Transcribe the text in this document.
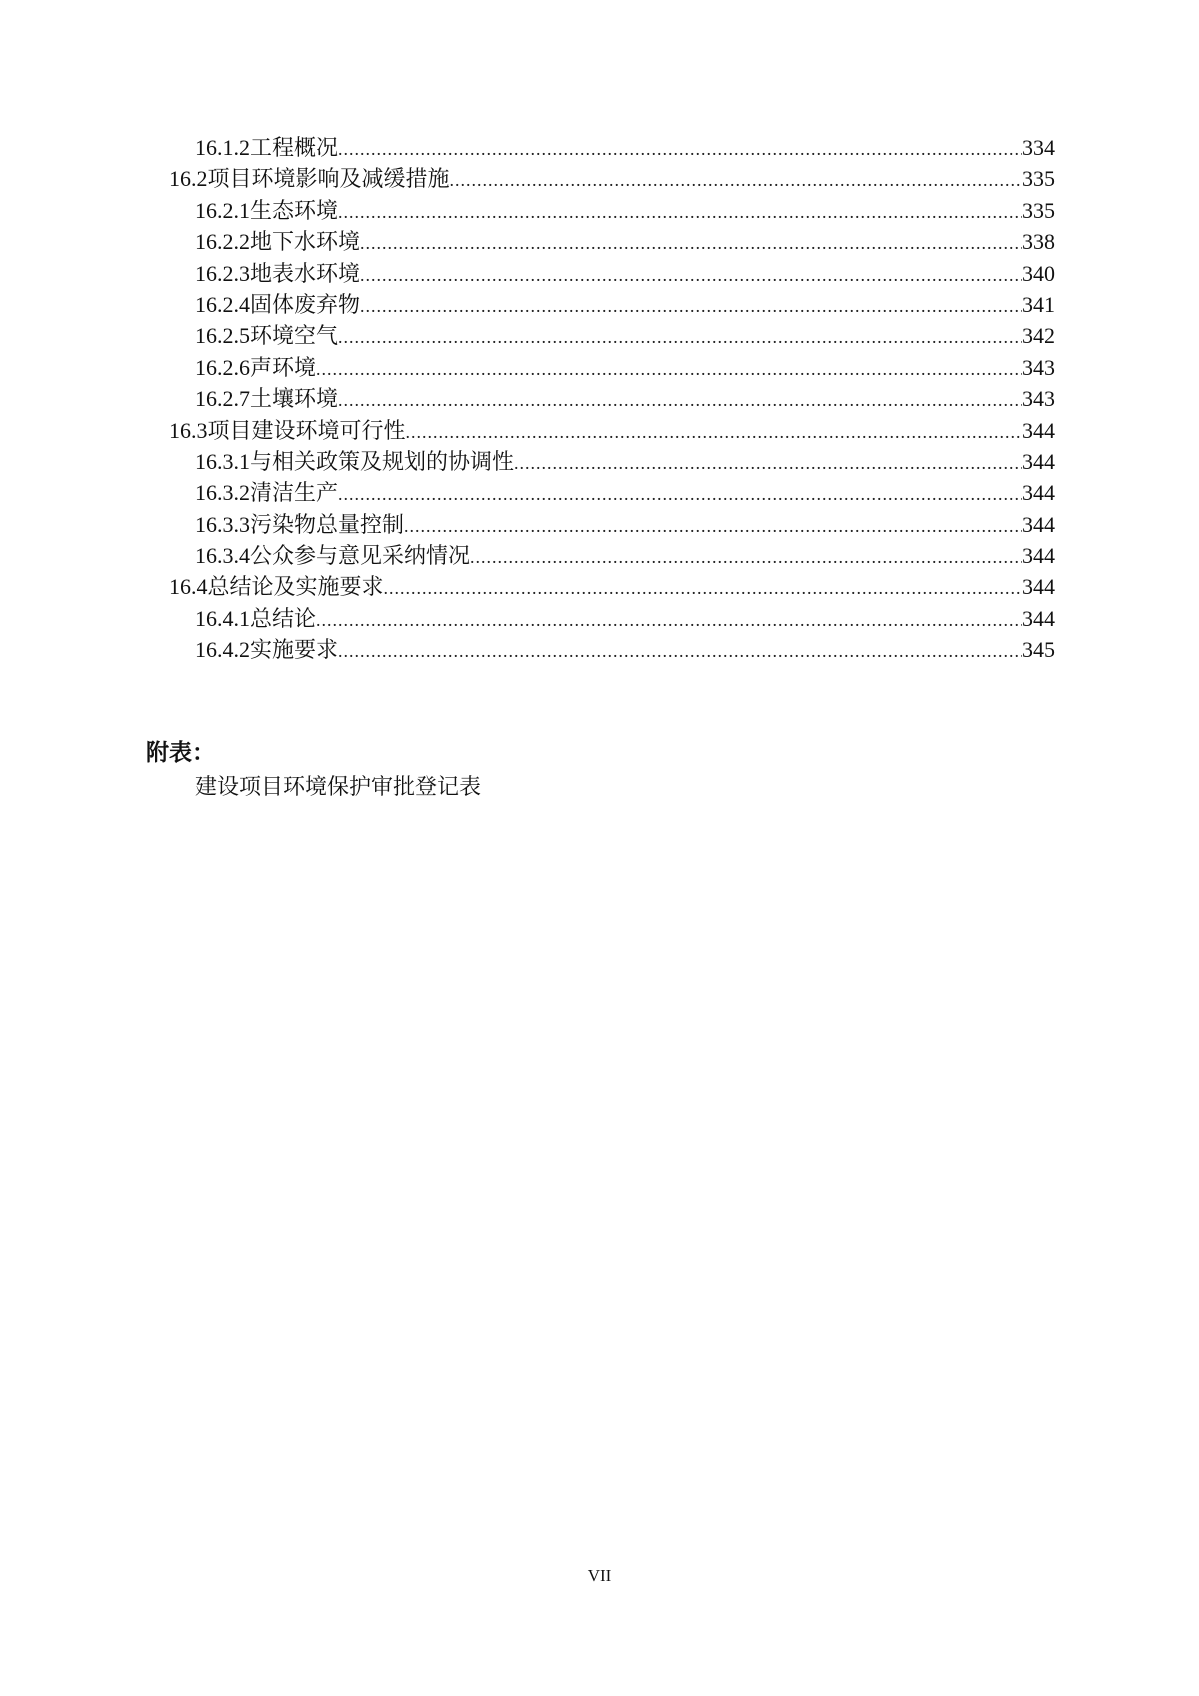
16.1.2 工程概况 .....	334
16.2 项目环境影响及减缓措施 .....	335
16.2.1 生态环境 .....	335
16.2.2 地下水环境 .....	338
16.2.3 地表水环境 .....	340
16.2.4 固体废弃物 .....	341
16.2.5 环境空气 .....	342
16.2.6 声环境 .....	343
16.2.7 土壤环境 .....	343
16.3 项目建设环境可行性 .....	344
16.3.1 与相关政策及规划的协调性 .....	344
16.3.2 清洁生产 .....	344
16.3.3 污染物总量控制 .....	344
16.3.4 公众参与意见采纳情况 .....	344
16.4 总结论及实施要求 .....	344
16.4.1 总结论 .....	344
16.4.2 实施要求 .....	345
附表：
建设项目环境保护审批登记表
VII
